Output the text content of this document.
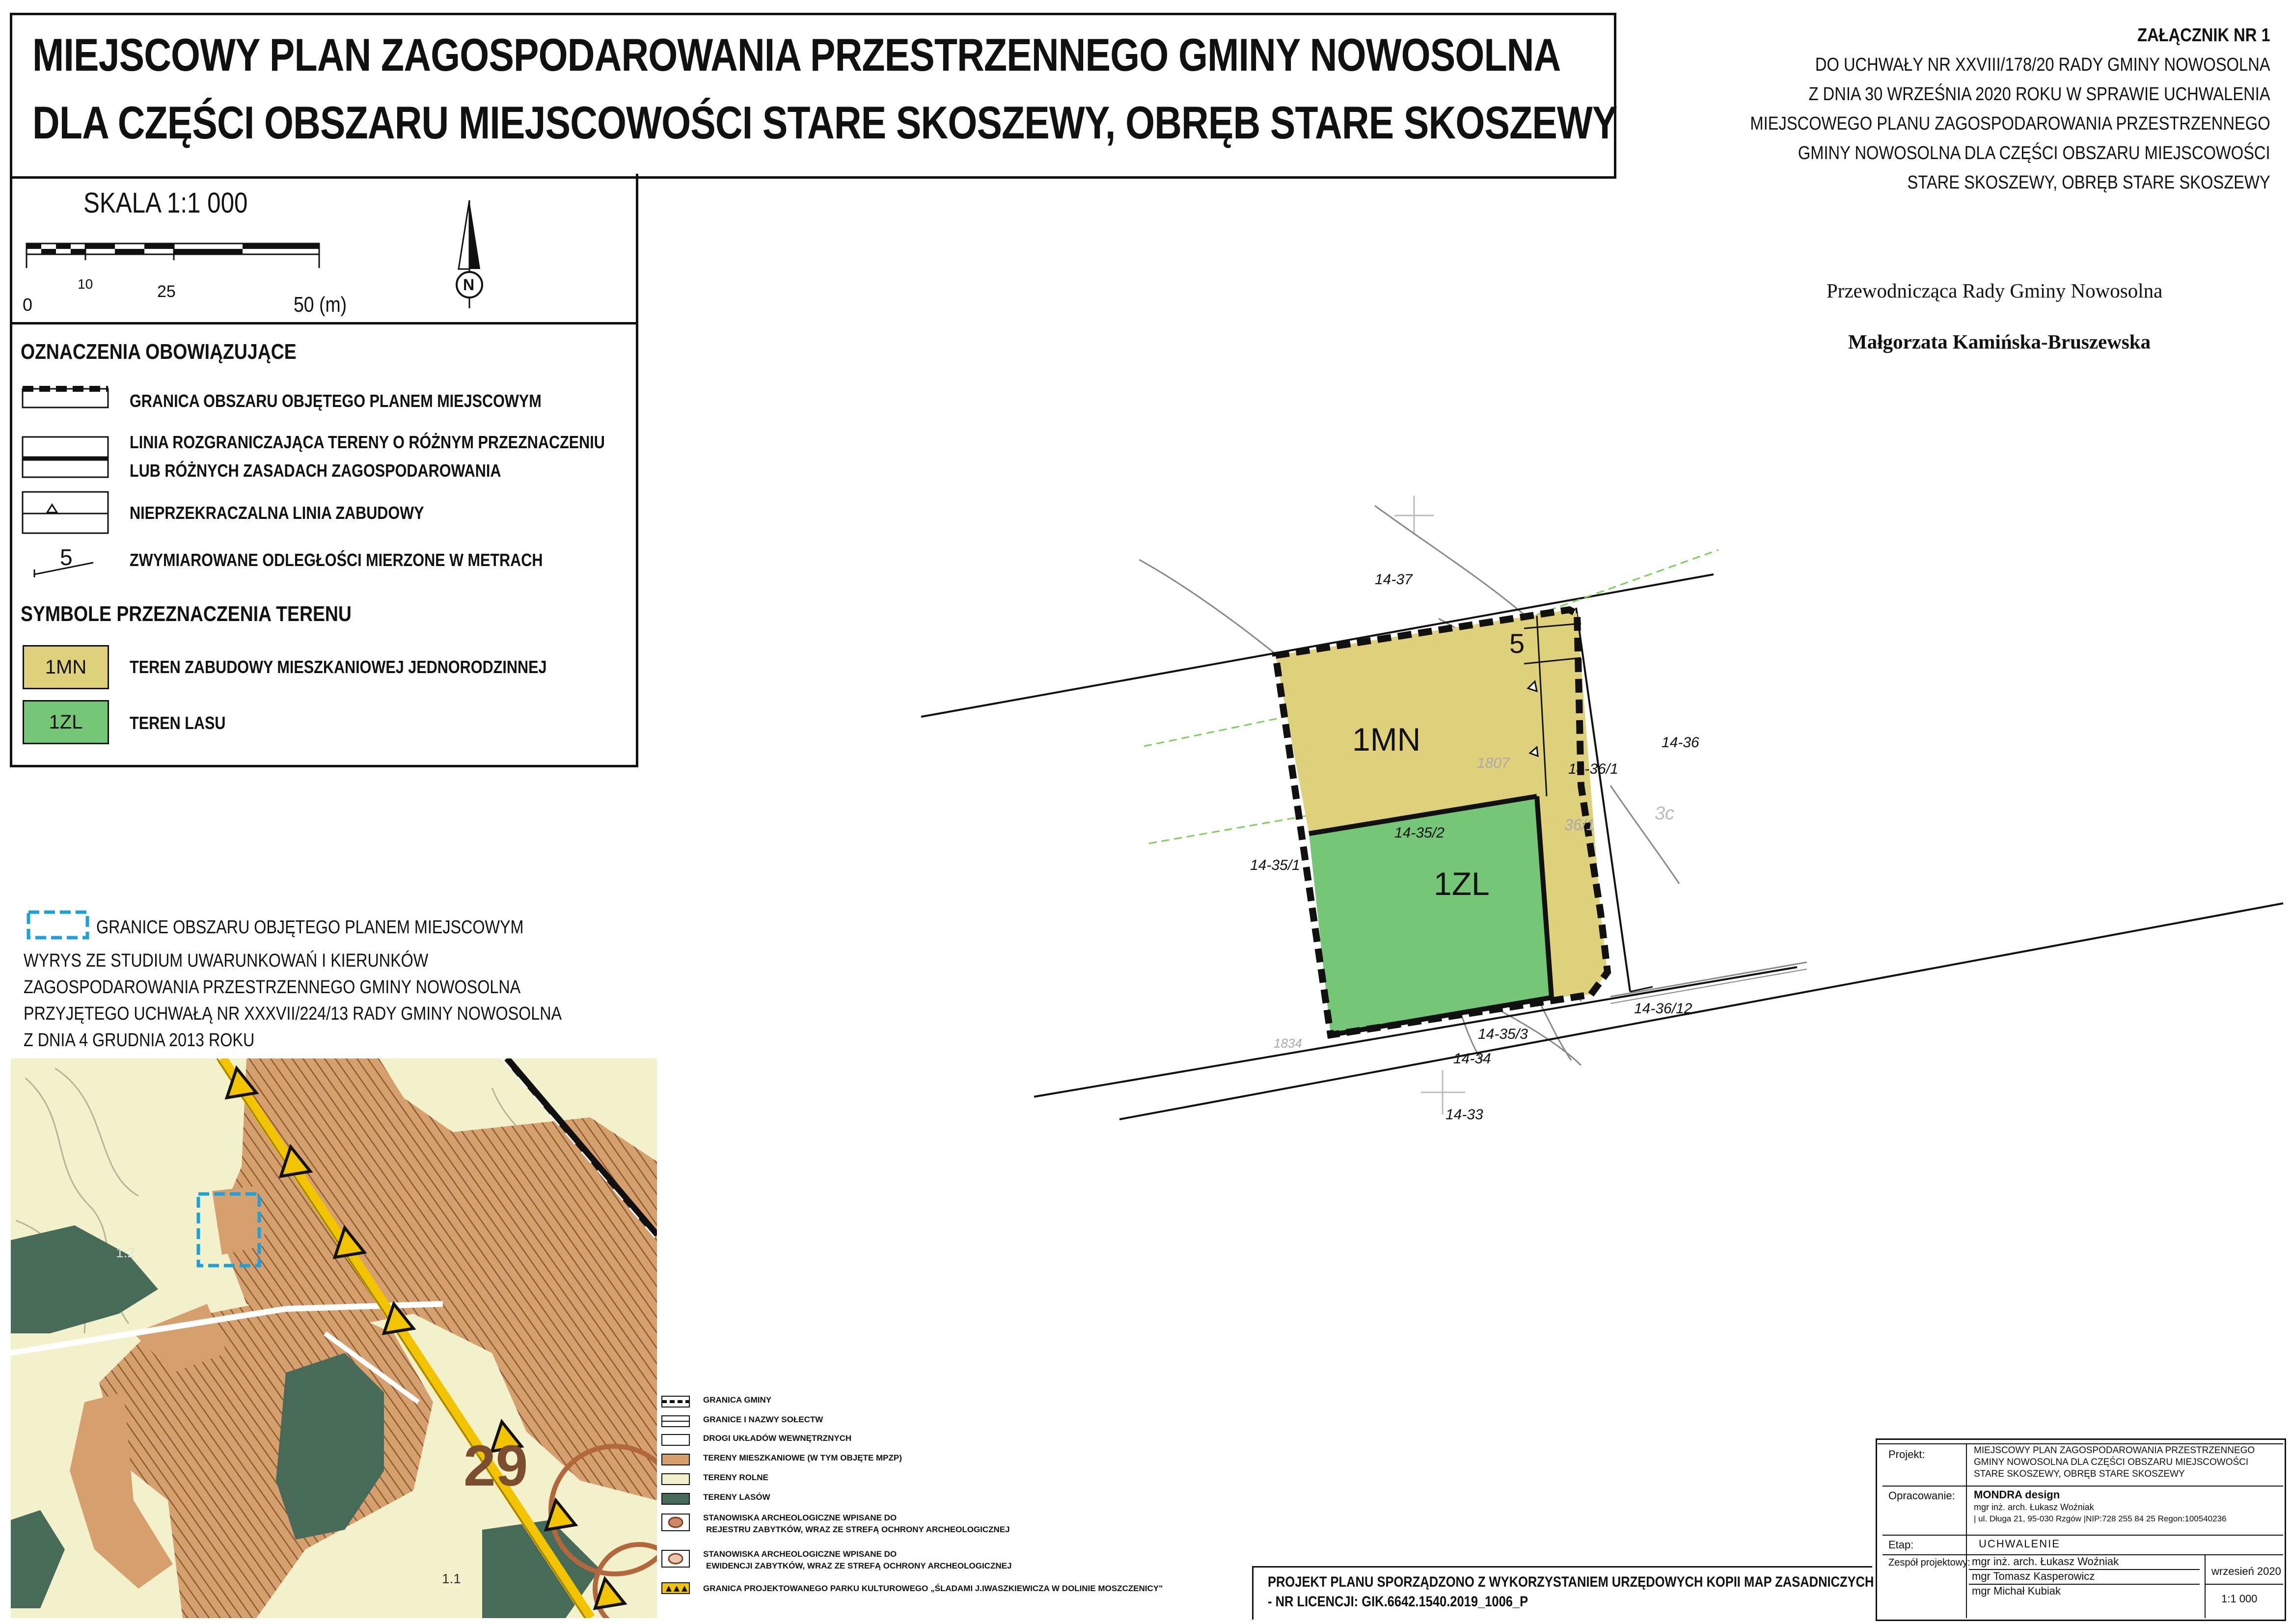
MIEJSCOWY PLAN ZAGOSPODAROWANIA PRZESTRZENNEGO GMINY NOWOSOLNA
DLA CZĘŚCI OBSZARU MIEJSCOWOŚCI STARE SKOSZEWY, OBRĘB STARE SKOSZEWY
ZAŁĄCZNIK NR 1
DO UCHWAŁY NR XXVIII/178/20 RADY GMINY NOWOSOLNA
Z DNIA 30 WRZEŚNIA 2020 ROKU W SPRAWIE UCHWALENIA
MIEJSCOWEGO PLANU ZAGOSPODAROWANIA PRZESTRZENNEGO
GMINY NOWOSOLNA DLA CZĘŚCI OBSZARU MIEJSCOWOŚCI
STARE SKOSZEWY, OBRĘB STARE SKOSZEWY
Przewodnicząca Rady Gminy Nowosolna
Małgorzata Kamińska-Bruszewska
SKALA 1:1 000
0
10	25
50 (m)
N
OZNACZENIA OBOWIĄZUJĄCE
GRANICA OBSZARU OBJĘTEGO PLANEM MIEJSCOWYM
LINIA ROZGRANICZAJĄCA TERENY O RÓŻNYM PRZEZNACZENIU
LUB RÓŻNYCH ZASADACH ZAGOSPODAROWANIA
NIEPRZEKRACZALNA LINIA ZABUDOWY
5	ZWYMIAROWANE ODLEGŁOŚCI MIERZONE W METRACH
SYMBOLE PRZEZNACZENIA TERENU
1MN	TEREN ZABUDOWY MIESZKANIOWEJ JEDNORODZINNEJ
1ZL	TEREN LASU
GRANICE OBSZARU OBJĘTEGO PLANEM MIEJSCOWYM
WYRYS ZE STUDIUM UWARUNKOWAŃ I KIERUNKÓW
ZAGOSPODAROWANIA PRZESTRZENNEGO GMINY NOWOSOLNA
PRZYJĘTEGO UCHWAŁĄ NR XXXVII/224/13 RADY GMINY NOWOSOLNA
Z DNIA 4 GRUDNIA 2013 ROKU
29
1.2
1.1
GRANICA GMINY
GRANICE I NAZWY SOŁECTW
DROGI UKŁADÓW WEWNĘTRZNYCH
TERENY MIESZKANIOWE (W TYM OBJĘTE MPZP)
TERENY ROLNE
TERENY LASÓW
STANOWISKA ARCHEOLOGICZNE WPISANE DO
REJESTRU ZABYTKÓW, WRAZ ZE STREFĄ OCHRONY ARCHEOLOGICZNEJ
STANOWISKA ARCHEOLOGICZNE WPISANE DO
EWIDENCJI ZABYTKÓW, WRAZ ZE STREFĄ OCHRONY ARCHEOLOGICZNEJ
GRANICA PROJEKTOWANEGO PARKU KULTUROWEGO „ŚLADAMI J.IWASZKIEWICZA W DOLINIE MOSZCZENICY"
1MN
1ZL
5
14-37
14-36/1
14-36
14-35/2
14-35/1
14-35/3
14-34
14-33
14-36/12
1807
1834
36/1
3c
PROJEKT PLANU SPORZĄDZONO Z WYKORZYSTANIEM URZĘDOWYCH KOPII MAP ZASADNICZYCH
- NR LICENCJI: GIK.6642.1540.2019_1006_P
Projekt:	MIEJSCOWY PLAN ZAGOSPODAROWANIA PRZESTRZENNEGO
GMINY NOWOSOLNA DLA CZĘŚCI OBSZARU MIEJSCOWOŚCI
STARE SKOSZEWY, OBRĘB STARE SKOSZEWY
Opracowanie: MONDRA design
mgr inż. arch. Łukasz Woźniak
| ul. Długa 21, 95-030 Rzgów |NIP:728 255 84 25 Regon:100540236
Etap:	UCHWALENIE
Zespół projektowy: mgr inż. arch. Łukasz Woźniak
mgr Tomasz Kasperowicz
mgr Michał Kubiak
wrzesień 2020
1:1 000
